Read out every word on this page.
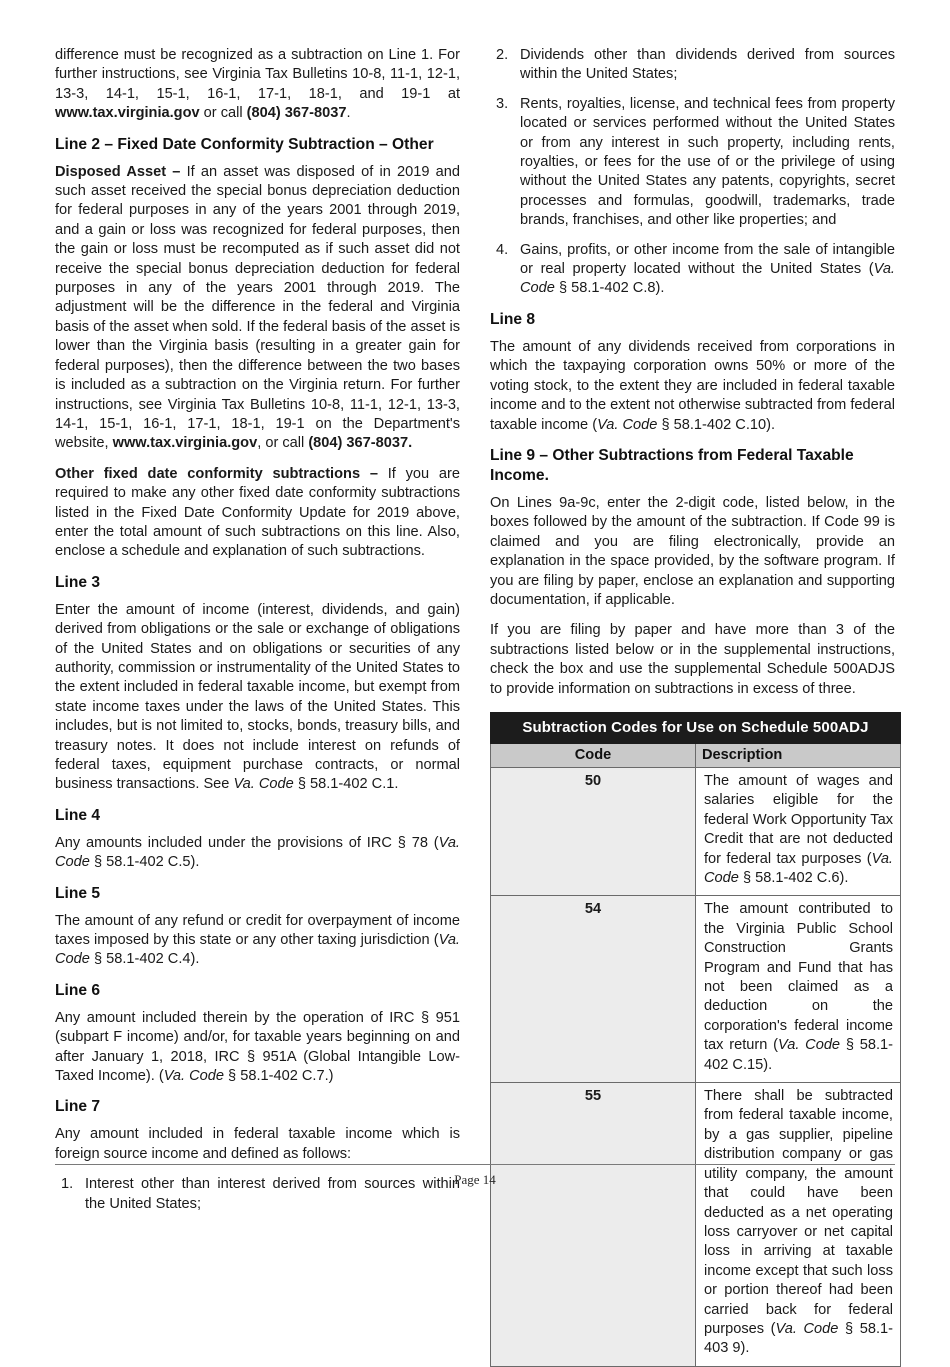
difference must be recognized as a subtraction on Line 1. For further instructions, see Virginia Tax Bulletins 10-8, 11-1, 12-1, 13-3, 14-1, 15-1, 16-1, 17-1, 18-1, and 19-1 at www.tax.virginia.gov or call (804) 367-8037.

Line 2 – Fixed Date Conformity Subtraction – Other

Disposed Asset – If an asset was disposed of in 2019 and such asset received the special bonus depreciation deduction for federal purposes in any of the years 2001 through 2019, and a gain or loss was recognized for federal purposes, then the gain or loss must be recomputed as if such asset did not receive the special bonus depreciation deduction for federal purposes in any of the years 2001 through 2019. The adjustment will be the difference in the federal and Virginia basis of the asset when sold. If the federal basis of the asset is lower than the Virginia basis (resulting in a greater gain for federal purposes), then the difference between the two bases is included as a subtraction on the Virginia return. For further instructions, see Virginia Tax Bulletins 10-8, 11-1, 12-1, 13-3, 14-1, 15-1, 16-1, 17-1, 18-1, 19-1 on the Department's website, www.tax.virginia.gov, or call (804) 367-8037.

Other fixed date conformity subtractions – If you are required to make any other fixed date conformity subtractions listed in the Fixed Date Conformity Update for 2019 above, enter the total amount of such subtractions on this line. Also, enclose a schedule and explanation of such subtractions.

Line 3

Enter the amount of income (interest, dividends, and gain) derived from obligations or the sale or exchange of obligations of the United States and on obligations or securities of any authority, commission or instrumentality of the United States to the extent included in federal taxable income, but exempt from state income taxes under the laws of the United States. This includes, but is not limited to, stocks, bonds, treasury bills, and treasury notes. It does not include interest on refunds of federal taxes, equipment purchase contracts, or normal business transactions. See Va. Code § 58.1-402 C.1.

Line 4

Any amounts included under the provisions of IRC § 78 (Va. Code § 58.1-402 C.5).

Line 5

The amount of any refund or credit for overpayment of income taxes imposed by this state or any other taxing jurisdiction (Va. Code § 58.1-402 C.4).

Line 6

Any amount included therein by the operation of IRC § 951 (subpart F income) and/or, for taxable years beginning on and after January 1, 2018, IRC § 951A (Global Intangible Low-Taxed Income). (Va. Code § 58.1-402 C.7.)

Line 7

Any amount included in federal taxable income which is foreign source income and defined as follows:

1. Interest other than interest derived from sources within the United States;
2. Dividends other than dividends derived from sources within the United States;
3. Rents, royalties, license, and technical fees from property located or services performed without the United States or from any interest in such property, including rents, royalties, or fees for the use of or the privilege of using without the United States any patents, copyrights, secret processes and formulas, goodwill, trademarks, trade brands, franchises, and other like properties; and
4. Gains, profits, or other income from the sale of intangible or real property located without the United States (Va. Code § 58.1-402 C.8).
Line 8

The amount of any dividends received from corporations in which the taxpaying corporation owns 50% or more of the voting stock, to the extent they are included in federal taxable income and to the extent not otherwise subtracted from federal taxable income (Va. Code § 58.1-402 C.10).

Line 9 – Other Subtractions from Federal Taxable Income.

On Lines 9a-9c, enter the 2-digit code, listed below, in the boxes followed by the amount of the subtraction. If Code 99 is claimed and you are filing electronically, provide an explanation in the space provided, by the software program. If you are filing by paper, enclose an explanation and supporting documentation, if applicable.

If you are filing by paper and have more than 3 of the subtractions listed below or in the supplemental instructions, check the box and use the supplemental Schedule 500ADJS to provide information on subtractions in excess of three.

Subtraction Codes for Use on Schedule 500ADJ	
Code	Description
50	The amount of wages and salaries eligible for the federal Work Opportunity Tax Credit that are not deducted for federal tax purposes (Va. Code § 58.1-402 C.6).
54	The amount contributed to the Virginia Public School Construction Grants Program and Fund that has not been claimed as a deduction on the corporation's federal income tax return (Va. Code § 58.1-402 C.15).
55	There shall be subtracted from federal taxable income, by a gas supplier, pipeline distribution company or gas utility company, the amount that could have been deducted as a net operating loss carryover or net capital loss in arriving at taxable income except that such loss or portion thereof had been carried back for federal purposes (Va. Code § 58.1-403 9).
Page 14
